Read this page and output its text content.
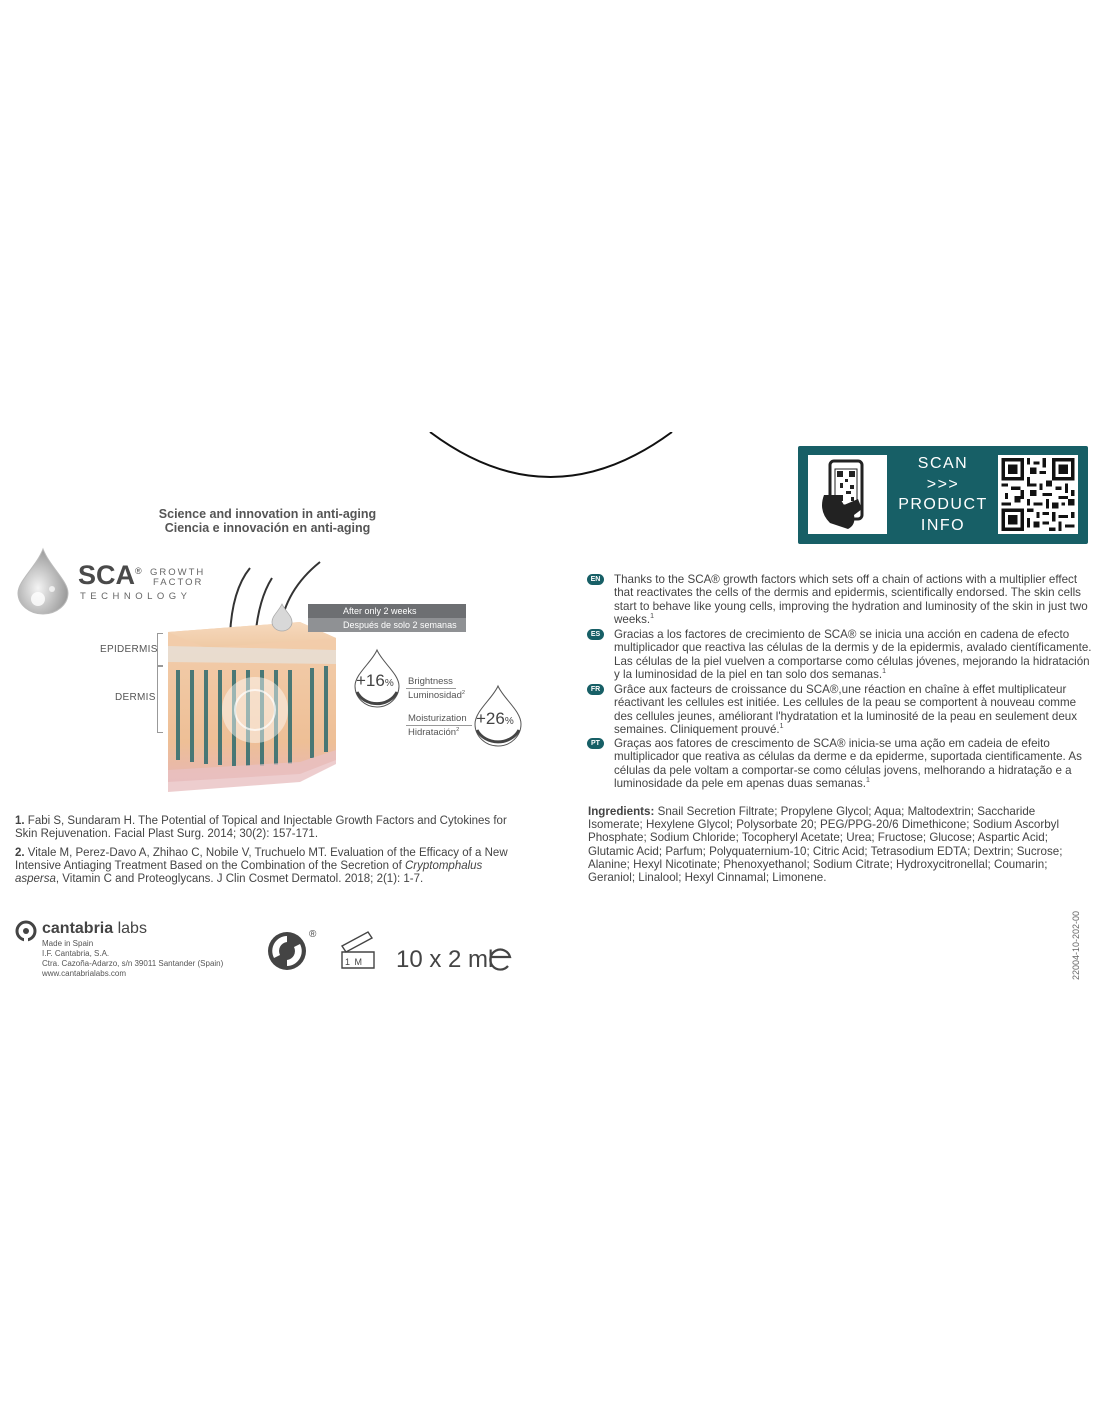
Science and innovation in anti-aging
Ciencia e innovación en anti-aging
SCA® GROWTH
FACTOR
TECHNOLOGY
EPIDERMIS
DERMIS
After only 2 weeks
Después de solo 2 semanas
+16% Brightness
Luminosidad$^2$
+26%
Moisturization
Hidratación$^2$

1. Fabi S, Sundaram H. The Potential of Topical and Injectable Growth Factors and Cytokines for Skin Rejuvenation. Facial Plast Surg. 2014; 30(2): 157-171.

2. Vitale M, Perez-Davo A, Zhihao C, Nobile V, Truchuelo MT. Evaluation of the Efficacy of a New Intensive Antiaging Treatment Based on the Combination of the Secretion of Cryptomphalus aspersa, Vitamin C and Proteoglycans. J Clin Cosmet Dermatol. 2018; 2(1): 1-7.

cantabria labs
Made in Spain
I.F. Cantabria, S.A.
Ctra. Cazoña-Adarzo, s/n 39011 Santander (Spain)
www.cantabrialabs.com
®
1 M 10 x 2 ml
SCAN
>>>
PRODUCT
INFO
EN	Thanks to the SCA® growth factors which sets off a chain of actions with a multiplier effect that reactivates the cells of the dermis and epidermis, scientifically endorsed. The skin cells start to behave like young cells, improving the hydration and luminosity of the skin in just two weeks.$^1$
ES	Gracias a los factores de crecimiento de SCA® se inicia una acción en cadena de efecto multiplicador que reactiva las células de la dermis y de la epidermis, avalado científicamente. Las células de la piel vuelven a comportarse como células jóvenes, mejorando la hidratación y la luminosidad de la piel en tan solo dos semanas.$^1$
FR	Grâce aux facteurs de croissance du SCA®,une réaction en chaîne à effet multiplicateur réactivant les cellules est initiée. Les cellules de la peau se comportent à nouveau comme des cellules jeunes, améliorant l'hydratation et la luminosité de la peau en seulement deux semaines. Cliniquement prouvé.$^1$
PT	Graças aos fatores de crescimento de SCA® inicia-se uma ação em cadeia de efeito multiplicador que reativa as células da derme e da epiderme, suportada cientificamente. As células da pele voltam a comportar-se como células jovens, melhorando a hidratação e a luminosidade da pele em apenas duas semanas.$^1$
Ingredients: Snail Secretion Filtrate; Propylene Glycol; Aqua; Maltodextrin; Saccharide Isomerate; Hexylene Glycol; Polysorbate 20; PEG/PPG-20/6 Dimethicone; Sodium Ascorbyl Phosphate; Sodium Chloride; Tocopheryl Acetate; Urea; Fructose; Glucose; Aspartic Acid; Glutamic Acid; Parfum; Polyquaternium-10; Citric Acid; Tetrasodium EDTA; Dextrin; Sucrose; Alanine; Hexyl Nicotinate; Phenoxyethanol; Sodium Citrate; Hydroxycitronellal; Coumarin; Geraniol; Linalool; Hexyl Cinnamal; Limonene.
22004-10-202-00
